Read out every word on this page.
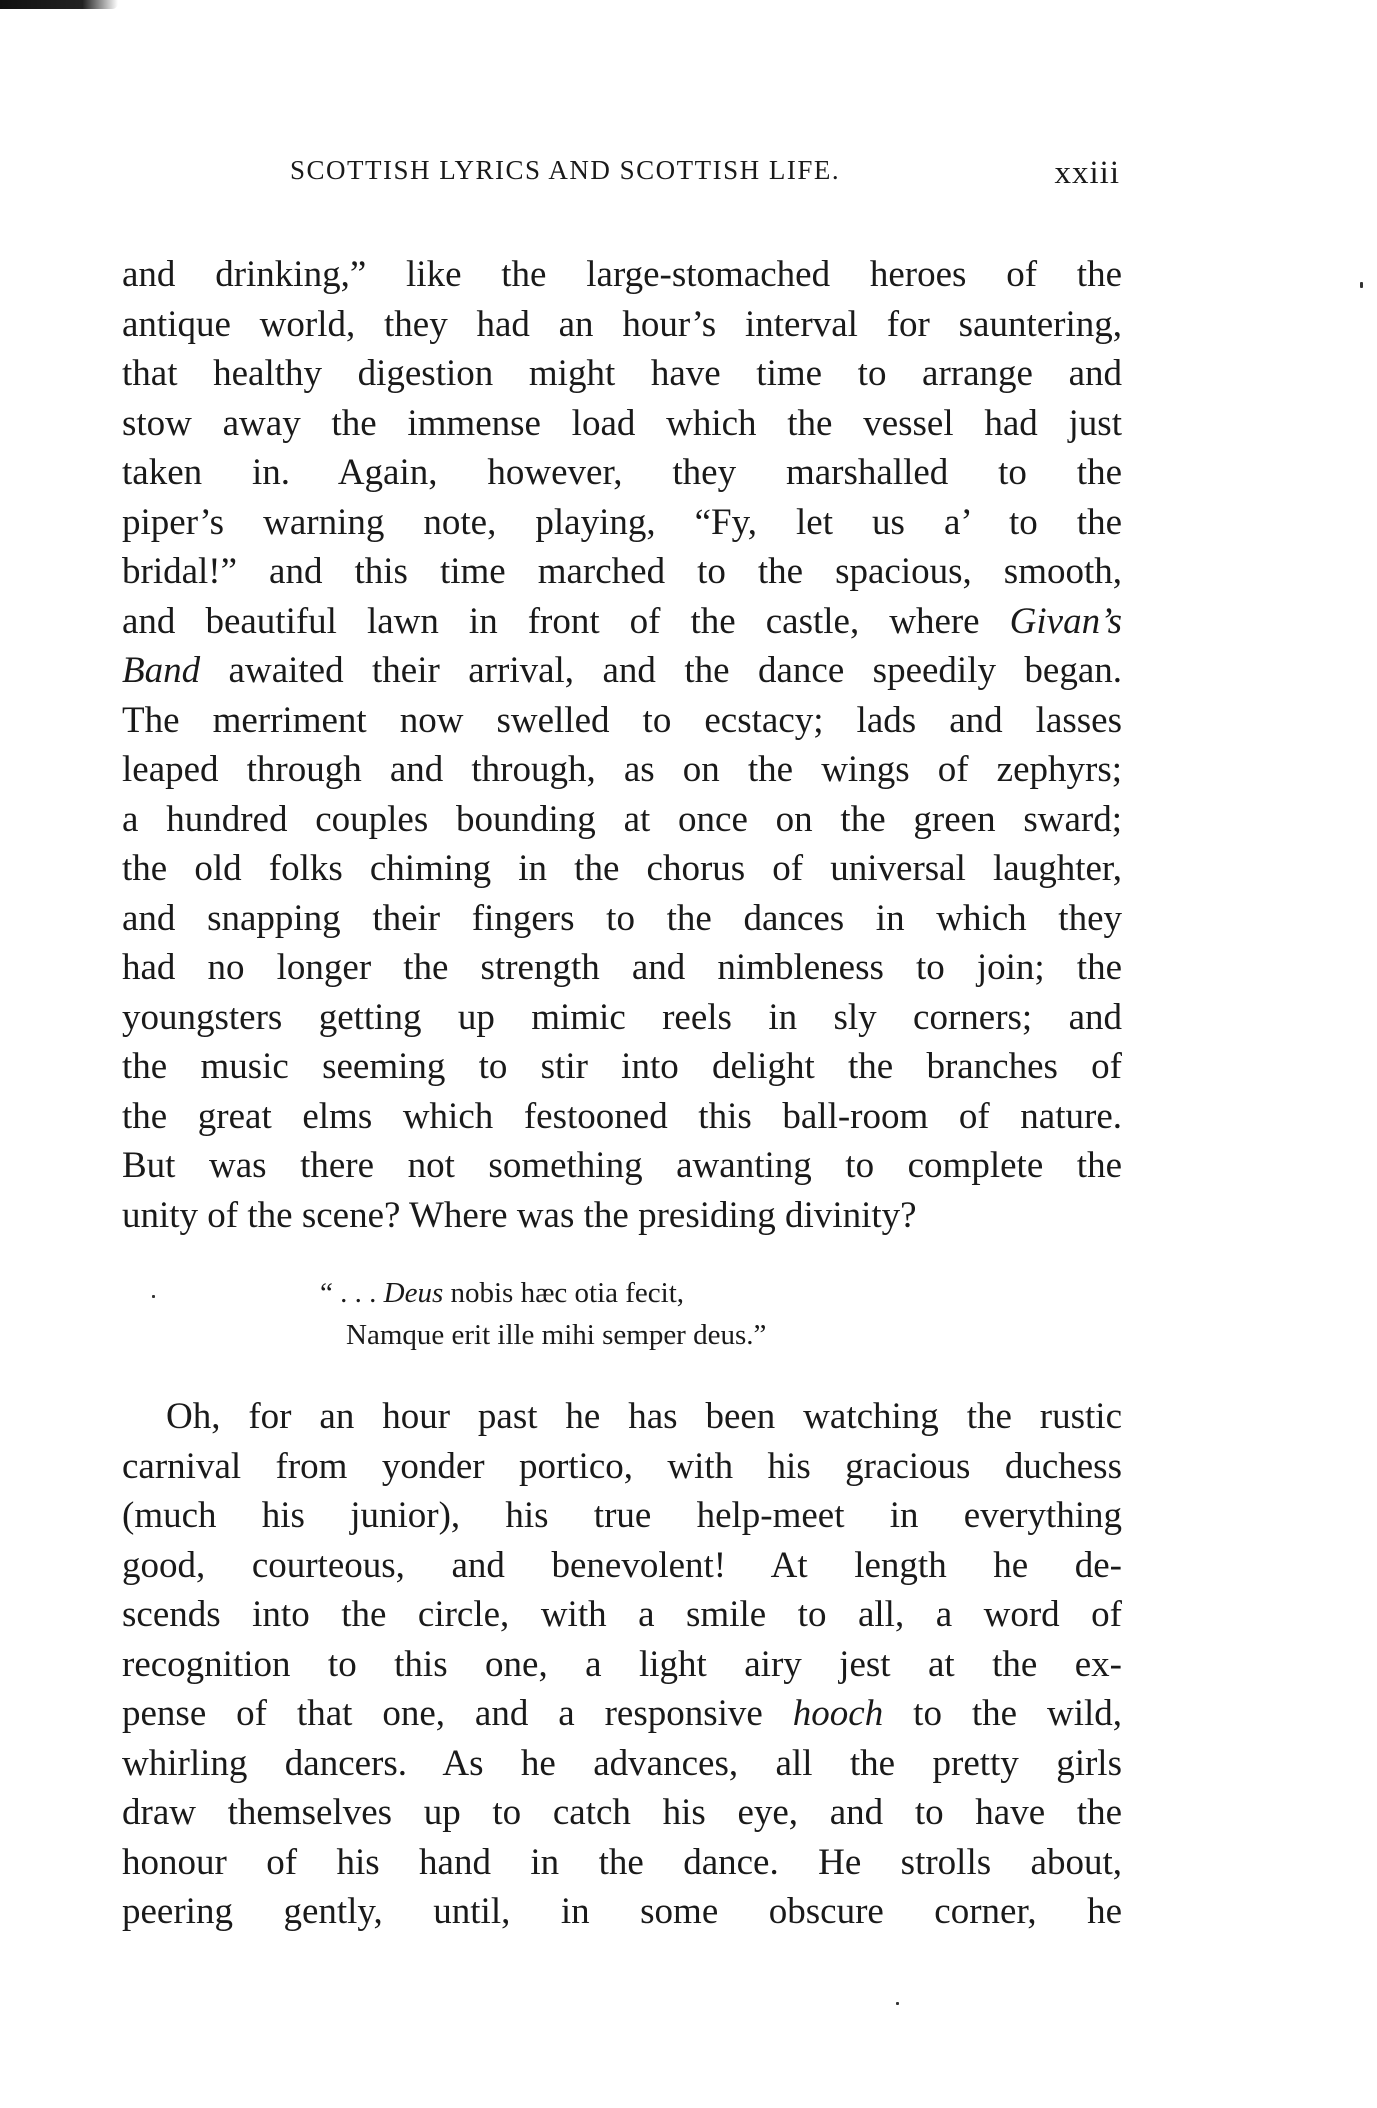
SCOTTISH LYRICS AND SCOTTISH LIFE.	xxiii
and drinking,” like the large-stomached heroes of the
antique world, they had an hour’s interval for sauntering,
that healthy digestion might have time to arrange and
stow away the immense load which the vessel had just
taken in. Again, however, they marshalled to the
piper’s warning note, playing, “Fy, let us a’ to the
bridal!” and this time marched to the spacious, smooth,
and beautiful lawn in front of the castle, where Givan’s
Band awaited their arrival, and the dance speedily began.
The merriment now swelled to ecstacy; lads and lasses
leaped through and through, as on the wings of zephyrs;
a hundred couples bounding at once on the green sward;
the old folks chiming in the chorus of universal laughter,
and snapping their fingers to the dances in which they
had no longer the strength and nimbleness to join; the
youngsters getting up mimic reels in sly corners; and
the music seeming to stir into delight the branches of
the great elms which festooned this ball-room of nature.
But was there not something awanting to complete the
unity of the scene? Where was the presiding divinity?
“ . . . Deus nobis hæc otia fecit,
Namque erit ille mihi semper deus.”
Oh, for an hour past he has been watching the rustic
carnival from yonder portico, with his gracious duchess
(much his junior), his true help-meet in everything
good, courteous, and benevolent! At length he de-
scends into the circle, with a smile to all, a word of
recognition to this one, a light airy jest at the ex-
pense of that one, and a responsive hooch to the wild,
whirling dancers. As he advances, all the pretty girls
draw themselves up to catch his eye, and to have the
honour of his hand in the dance. He strolls about,
peering gently, until, in some obscure corner, he
